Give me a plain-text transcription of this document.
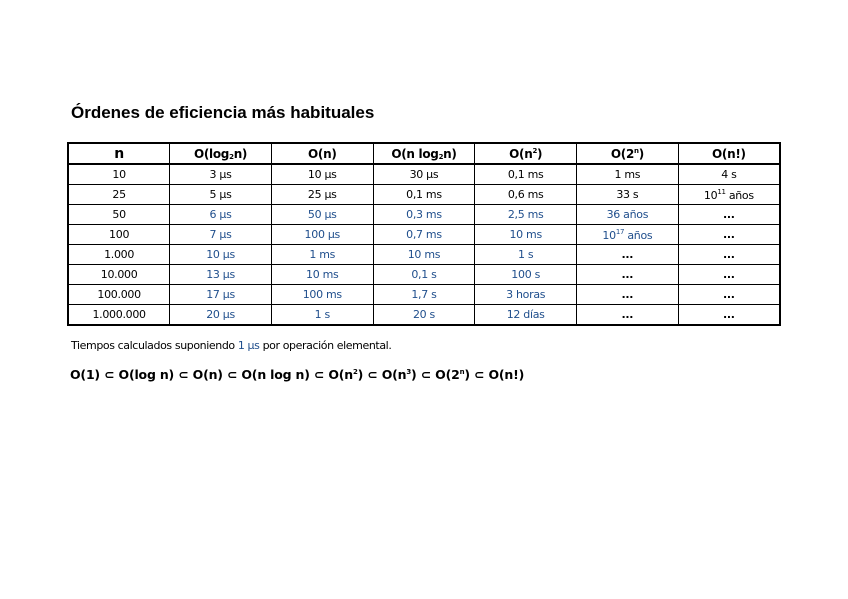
Órdenes de eficiencia más habituales
n	$O(\log_2n)$	O(n)	O(n $\log_2n$)	$O(n^2)$	O(2$^n$)	O(n!)
10	3 µs	10 µs	30 µs	0,1 ms	1 ms	4 s
25	5 µs	25 µs	0,1 ms	0,6 ms	33 s	$10^{11}$ años
50	6 µs	50 µs	0,3 ms	2,5 ms	36 años	...
100	7 µs	100 µs	0,7 ms	10 ms	$10^{17}$ años	...
1.000	10 µs	1 ms	10 ms	1 s	...	...
10.000	13 µs	10 ms	0,1 s	100 s	...	...
100.000	17 µs	100 ms	1,7 s	3 horas	...	...
1.000.000	20 µs	1 s	20 s	12 días	...	...
Tiempos calculados suponiendo 1 µs por operación elemental.
O(1) ⊂ O(log n) ⊂ O(n) ⊂ O(n log n) ⊂ $O(n^2)$ ⊂ $O(n^3)$ ⊂ O(2$^n$) ⊂ O(n!)
